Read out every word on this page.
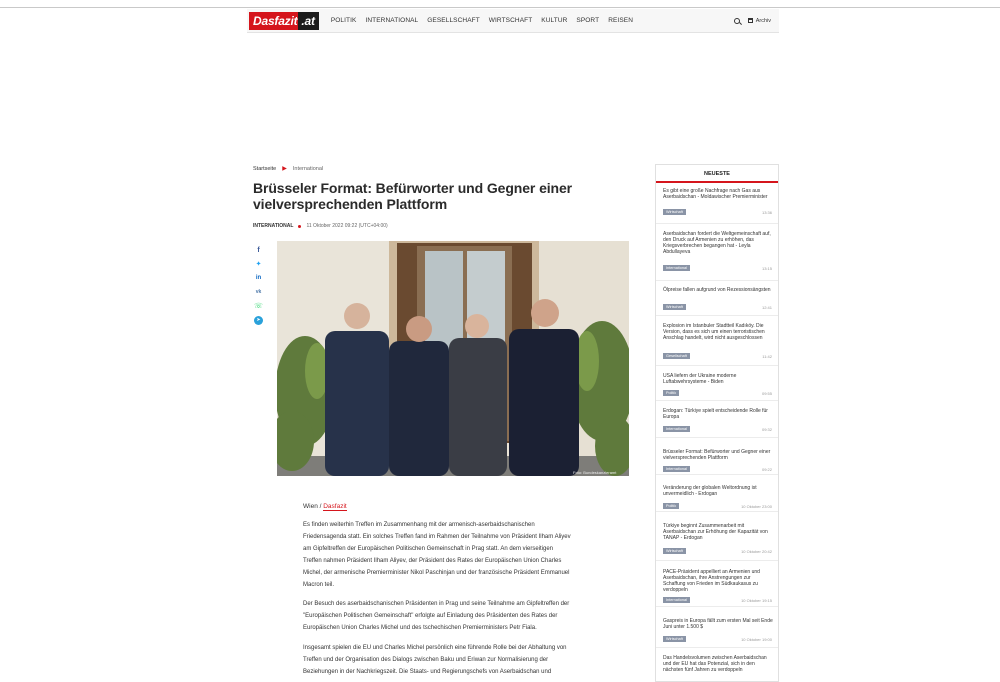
Dasfazit .at	POLITIK INTERNATIONAL GESELLSCHAFT WIRTSCHAFT KULTUR SPORT REISEN	Archiv
Startseite ▶ International
Brüsseler Format: Befürworter und Gegner einer vielversprechenden Plattform
INTERNATIONAL	11 Oktober 2022 09:22 (UTC+04:00)
f
✦
in
vk
☏
➤
Foto: Bundeskanzleramt
Wien / Dasfazit
Es finden weiterhin Treffen im Zusammenhang mit der armenisch-aserbaidschanischen
Friedensagenda statt. Ein solches Treffen fand im Rahmen der Teilnahme von Präsident Ilham Aliyev
am Gipfeltreffen der Europäischen Politischen Gemeinschaft in Prag statt. An dem vierseitigen
Treffen nahmen Präsident Ilham Aliyev, der Präsident des Rates der Europäischen Union Charles
Michel, der armenische Premierminister Nikol Paschinjan und der französische Präsident Emmanuel
Macron teil.
Der Besuch des aserbaidschanischen Präsidenten in Prag und seine Teilnahme am Gipfeltreffen der
"Europäischen Politischen Gemeinschaft" erfolgte auf Einladung des Präsidenten des Rates der
Europäischen Union Charles Michel und des tschechischen Premierministers Petr Fiala.
Insgesamt spielen die EU und Charles Michel persönlich eine führende Rolle bei der Abhaltung von
Treffen und der Organisation des Dialogs zwischen Baku und Eriwan zur Normalisierung der
Beziehungen in der Nachkriegszeit. Die Staats- und Regierungschefs von Aserbaidschan und
NEUESTE
Es gibt eine große Nachfrage nach Gas aus Aserbaidschan - Moldawischer Premierminister
Wirtschaft	13:36
Aserbaidschan fordert die Weltgemeinschaft auf, den Druck auf Armenien zu erhöhen, das Kriegsverbrechen begangen hat - Leyla Abdullayeva
International	13:15
Ölpreise fallen aufgrund von Rezessionsängsten
Wirtschaft	12:41
Explosion im Istanbuler Stadtteil Kadıköy. Die Version, dass es sich um einen terroristischen Anschlag handelt, wird nicht ausgeschlossen
Gesellschaft	11:42
USA liefern der Ukraine moderne Luftabwehrsysteme - Biden
Politik	09:55
Erdogan: Türkiye spielt entscheidende Rolle für Europa
International	09:32
Brüsseler Format: Befürworter und Gegner einer vielversprechenden Plattform
International	09:22
Veränderung der globalen Weltordnung ist unvermeidlich - Erdogan
Politik	10 Oktober 23:00
Türkiye beginnt Zusammenarbeit mit Aserbaidschan zur Erhöhung der Kapazität von TANAP - Erdogan
Wirtschaft	10 Oktober 20:42
PACE-Präsident appelliert an Armenien und Aserbaidschan, ihre Anstrengungen zur Schaffung von Frieden im Südkaukasus zu verdoppeln
International	10 Oktober 19:15
Gaspreis in Europa fällt zum ersten Mal seit Ende Juni unter 1.500 $
Wirtschaft	10 Oktober 19:00
Das Handelsvolumen zwischen Aserbaidschan und der EU hat das Potenzial, sich in den nächsten fünf Jahren zu verdoppeln
